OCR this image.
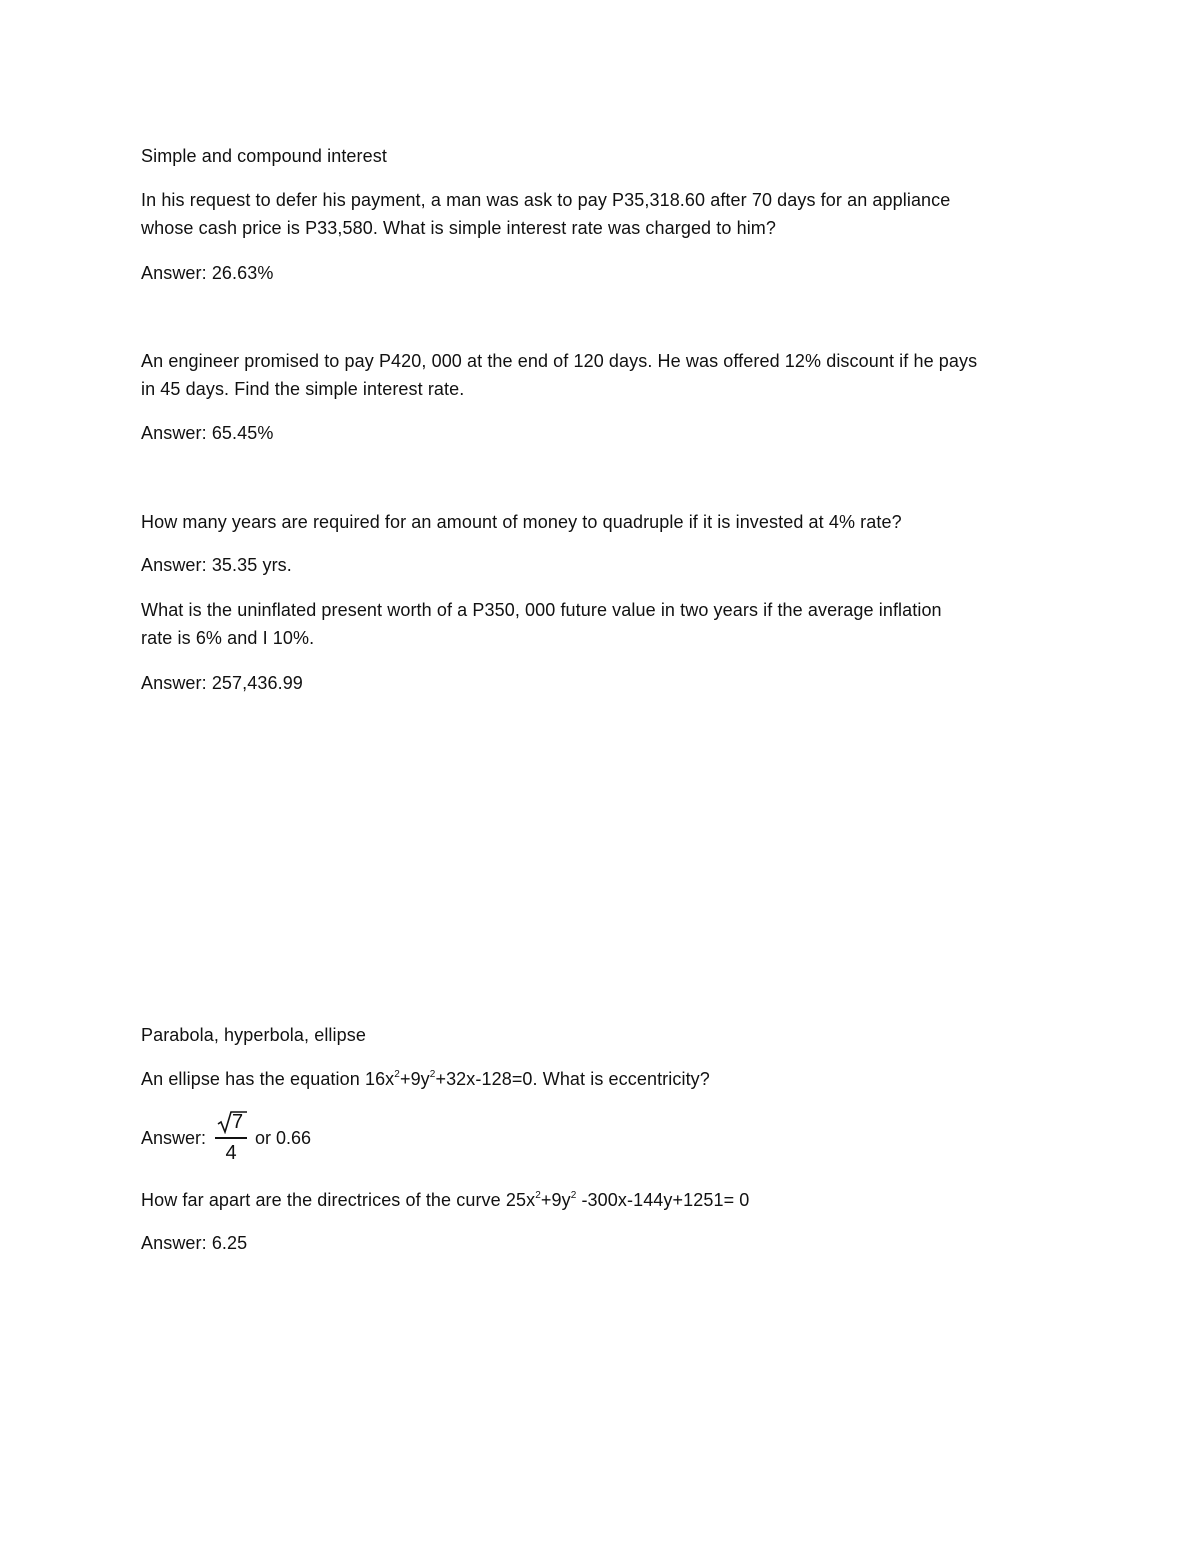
Simple and compound interest
In his request to defer his payment, a man was ask to pay P35,318.60 after 70 days for an appliance
whose cash price is P33,580. What is simple interest rate was charged to him?
Answer: 26.63%
An engineer promised to pay P420, 000 at the end of 120 days. He was offered 12% discount if he pays
in 45 days. Find the simple interest rate.
Answer: 65.45%
How many years are required for an amount of money to quadruple if it is invested at 4% rate?
Answer: 35.35 yrs.
What is the uninflated present worth of a P350, 000 future value in two years if the average inflation
rate is 6% and I 10%.
Answer: 257,436.99
Parabola, hyperbola, ellipse
An ellipse has the equation $16x^2+9y^2+32x-128=0$. What is eccentricity?
Answer:
7
4
or 0.66
How far apart are the directrices of the curve $25x^2+9y^2$ -300x-144y+1251= 0
Answer: 6.25
